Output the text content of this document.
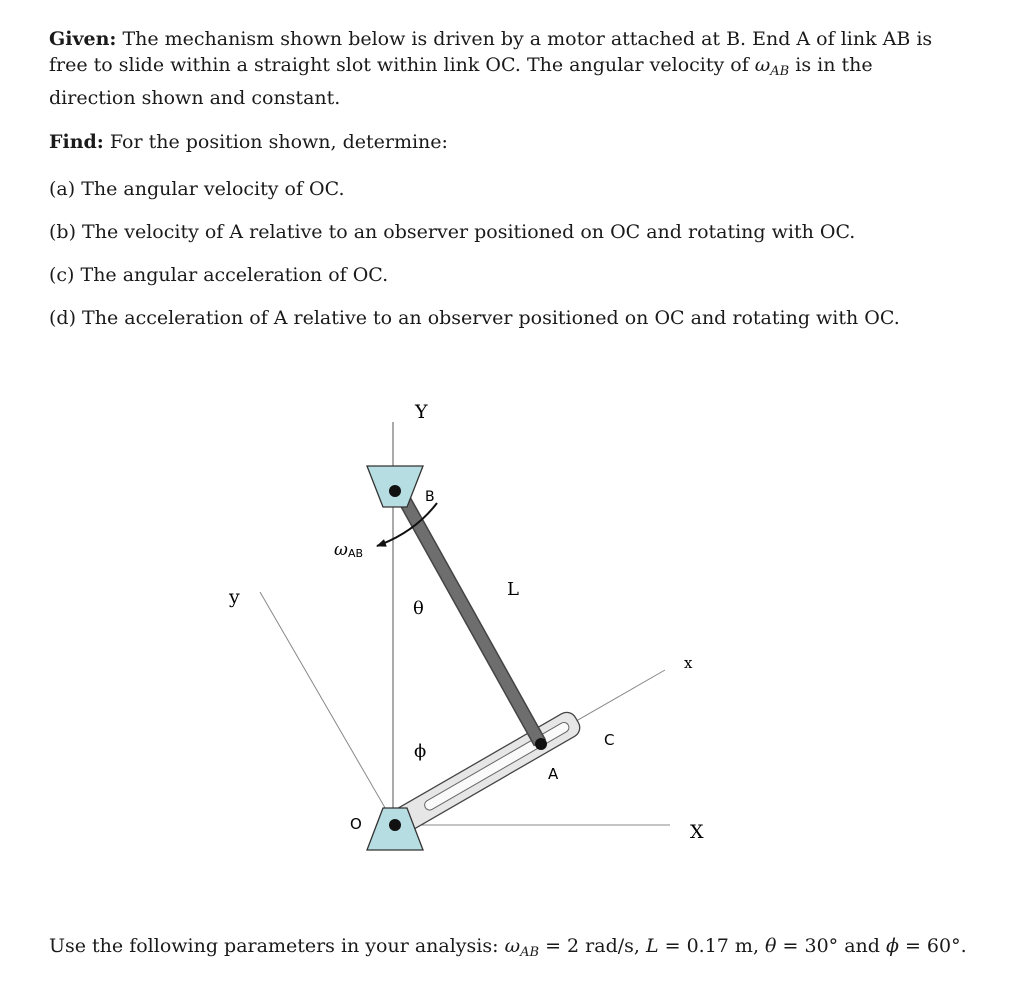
Given: The mechanism shown below is driven by a motor attached at B. End A of link AB is free to slide within a straight slot within link OC. The angular velocity of $\omega_{AB}$ is in the direction shown and constant.
Find: For the position shown, determine:
(a) The angular velocity of OC.
(b) The velocity of A relative to an observer positioned on OC and rotating with OC.
(c) The angular acceleration of OC.
(d) The acceleration of A relative to an observer positioned on OC and rotating with OC.
Y
B
ω AB
L
y
θ
x
C
ϕ
A
O	X
Use the following parameters in your analysis: $\omega_{AB} = 2$ rad/s, L = 0.17 m, θ = 30° and ϕ = 60°.
